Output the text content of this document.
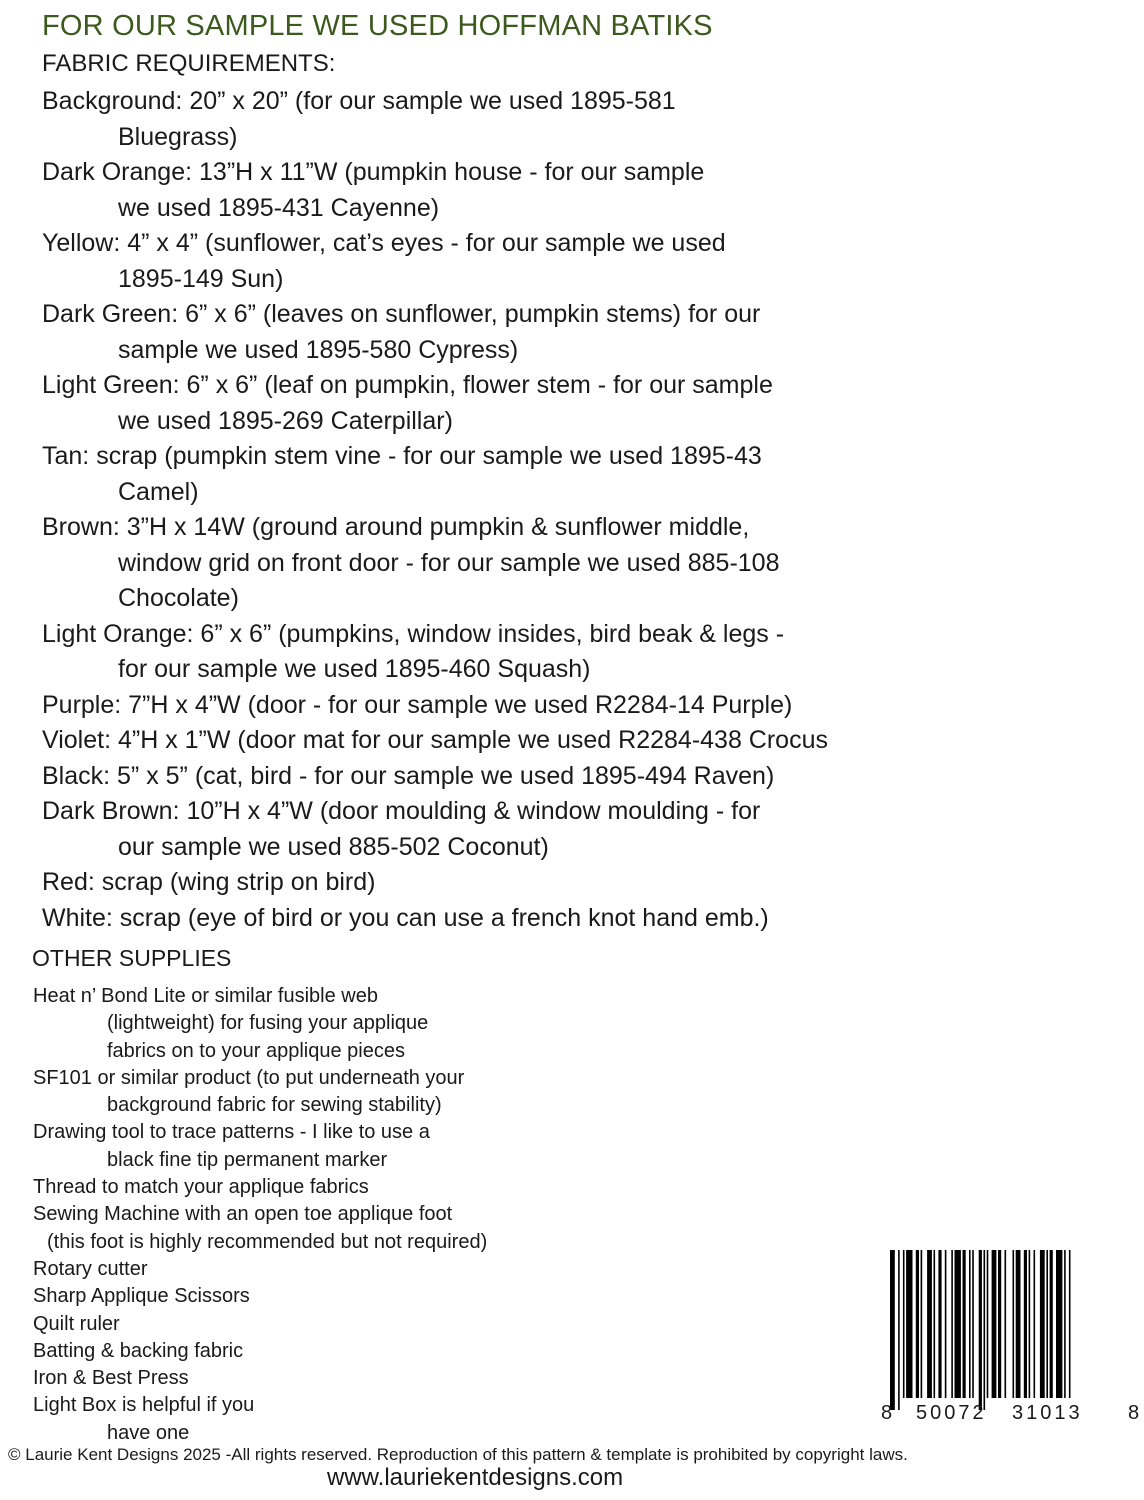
FOR OUR SAMPLE WE USED HOFFMAN BATIKS
FABRIC REQUIREMENTS:
Background: 20” x 20” (for our sample we used 1895-581
Bluegrass)
Dark Orange: 13”H x 11”W (pumpkin house - for our sample
we used 1895-431 Cayenne)
Yellow: 4” x 4” (sunflower, cat’s eyes - for our sample we used
1895-149 Sun)
Dark Green: 6” x 6” (leaves on sunflower, pumpkin stems) for our
sample we used 1895-580 Cypress)
Light Green: 6” x 6” (leaf on pumpkin, flower stem - for our sample
we used 1895-269 Caterpillar)
Tan: scrap (pumpkin stem vine - for our sample we used 1895-43
Camel)
Brown: 3”H x 14W (ground around pumpkin & sunflower middle,
window grid on front door - for our sample we used 885-108
Chocolate)
Light Orange: 6” x 6” (pumpkins, window insides, bird beak & legs -
for our sample we used 1895-460 Squash)
Purple: 7”H x 4”W (door - for our sample we used R2284-14 Purple)
Violet: 4”H x 1”W (door mat for our sample we used R2284-438 Crocus
Black: 5” x 5” (cat, bird - for our sample we used 1895-494 Raven)
Dark Brown: 10”H x 4”W (door moulding & window moulding - for
our sample we used 885-502 Coconut)
Red: scrap (wing strip on bird)
White: scrap (eye of bird or you can use a french knot hand emb.)
OTHER SUPPLIES
Heat n’ Bond Lite or similar fusible web
(lightweight) for fusing your applique
fabrics on to your applique pieces
SF101 or similar product (to put underneath your
background fabric for sewing stability)
Drawing tool to trace patterns - I like to use a
black fine tip permanent marker
Thread to match your applique fabrics
Sewing Machine with an open toe applique foot
(this foot is highly recommended but not required)
Rotary cutter
Sharp Applique Scissors
Quilt ruler
Batting & backing fabric
Iron & Best Press
Light Box is helpful if you
have one
8 50072 31013 8
© Laurie Kent Designs 2025 -All rights reserved. Reproduction of this pattern & template is prohibited by copyright laws.
www.lauriekentdesigns.com
